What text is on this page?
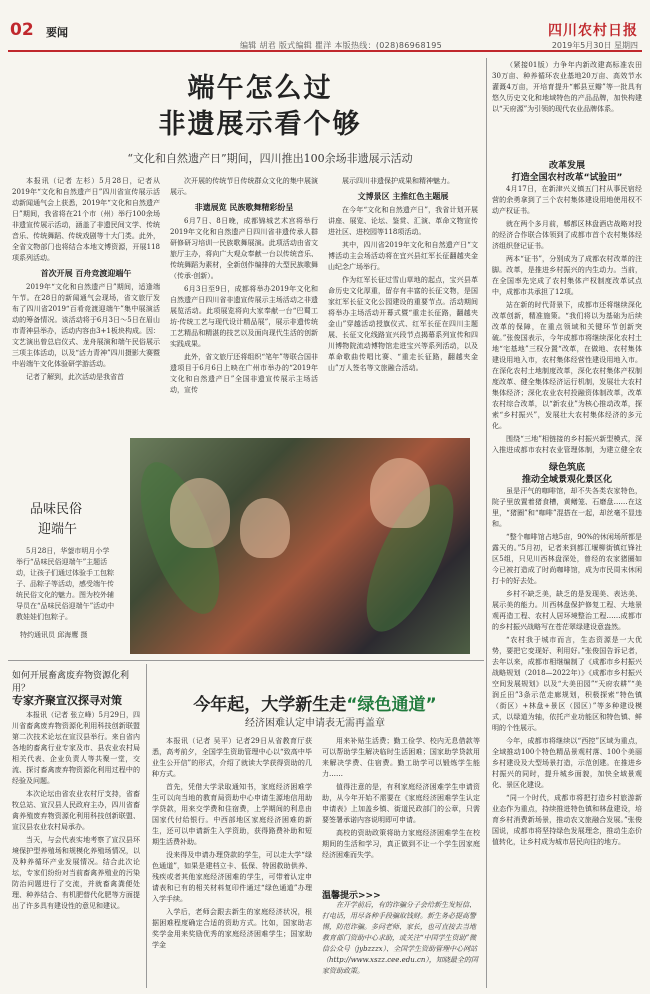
02 要闻
编辑 胡君 版式编辑 瞿洋 本版热线：(028)86968195
四川农村日报
2019年5月30日 星期四
端午怎么过
非遗展示看个够
“文化和自然遗产日”期间，四川推出100余场非遗展示活动

本报讯（记者 左杉）5月28日，记者从2019年“文化和自然遗产日”四川省宣传展示活动新闻通气会上获悉，2019年“文化和自然遗产日”期间，我省将在21个市（州）举行100余场非遗宣传展示活动，涵盖了非遗民间文学、传统音乐、传统舞蹈、传统戏剧等十大门类。此外，全省文物部门也将结合本地文博资源，开展118项系列活动。

首次开展 百舟竞渡迎端午

2019年“文化和自然遗产日”期间，适逢端午节。在28日的新闻通气会现场，省文旅厅发布了四川省2019“百肴竞渡迎端午”集中展演活动的筹备情况。该活动将于6月3日～5日在眉山市青神县举办，活动内容由3+1板块构成。因：文艺演出曾总启仪式、龙舟展演和端午民俗展示三项主体活动，以及“活力青神”四川摄影大赛暨中岩端午文化体验研学游活动。

记者了解到，此次活动是我省首

次开展的传统节日传统群众文化的集中展演展示。

非遗展览 民族歌舞精彩纷呈

6月7日、8日晚，成都锦城艺术宫将举行2019年文化和自然遗产日四川省非遗传承人群研修研习培训一民族歌舞展演。此项活动由省文旅厅主办，将向广大观众奉献一台以传统音乐、传统舞蹈为素材，全新创作编排的大型民族歌舞（传承·创新）。

6月3日至9日，成都将举办2019年文化和自然遗产日四川省非遗宣传展示主场活动之非遗展览活动。此项展览将向大家奉献一台“巴蜀工坊·传统工艺与现代设计精品展”，展示非遗传统工艺精品和精湛的技艺以及面向现代生活的创新实践成果。

此外，省文旅厅还将组织“笔年”等联合国非遗项目于6月6日上映在广州市举办的“2019年文化和自然遗产日”全国非遗宣传展示主场活动，宣传

展示四川非遗保护成果和精神魅力。

文博景区 主推红色主题展

在今年“文化和自然遗产日”，我省计划开展讲座、展览、论坛、鉴赏、汇演、革命文物宣传进社区、进校园等118项活动。

其中，四川省2019年文化和自然遗产日“文博活动主会场活动将在宜兴县红军长征翻越夹金山纪念广场举行。

作为红军长征过雪山草地的起点，宝兴县革命历史文化厚重，留存有丰富的长征文物，是国家红军长征文化公园建设的重要节点。活动期间将举办主场活动开幕式暨“重走长征路，翻越夹金山”穿越活动授旗仪式、红军长征在四川主题展、长征文化线路宣兴段节点揭幕系列宣传和四川博物院流动博物馆走进宝兴等系列活动，以及革命歌曲传唱比赛、“重走长征路，翻越夹金山”万人签名等文旅融合活动。

品味民俗
迎端午
5月28日，华蓥市明月小学举行“品味民俗迎端午”主题活动，让孩子们通过体验手工包粽子、品粽子等活动，感受端午传统民俗文化的魅力。图为校外辅导员在“品味民俗迎端午”活动中教娃娃们包粽子。
特约通讯员 邱海鹰 摄

（紧接01版）力争年内新改建高标准农田30万亩、种养循环农业基地20万亩、高效节水灌溉4万亩，开培育提升“郫县豆瓣”等一批具有悠久历史文化和地域特色的产品品牌，加快构建以“天府源”为引领的现代农业品牌体系。

改革发展
打造全国农村改革“试验田”

4月17日，在新津兴义镇五门村从事民宿经营的余勇拿到了三个农村集体建设用地使用权不动产权证书。

就在两个多月前，郫都区林盘酒店战略对投的经济合作联合体领到了成都市首个农村集体经济组织登记证书。

两本“证书”，分别成为了成都农村改革的注脚。改革，是推进乡村振兴的内生动力。当前，在全国率先完成了农村集体产权制度改革试点中，成都市共承担了12项。

站在新的时代背景下，成都市还将继续深化改革创新，精准施策。“我们将以为基础为后续改革的保障，在重点领域和关键环节创新突破。”张俊国表示，今年成都市将继续深化农村土地“宅基地”三权分置“改革，在做地、农村集体建设用地入市，农村集体经营性建设用地入市。在深化农村土地制度改革，深化农村集体产权制度改革、健全集体经济运行机制，发展壮大农村集体经济；深化农业农村投融资体制改革，改革农村综合改革，以“新农业”为核心推动改革，探索“乡村振兴”，发展壮大农村集体经济的多元化。

围绕“三地”相链接的乡村振兴新型模式，深入推进成都市农村农业管理体制，为建立健全农

绿色筑底
推动全域景观化景区化

虽是汗气的咖啡馆，却不失各类农家特色，院子里放置着猪食槽，黄鳝笼、石磨盘……在这里，“猪圈”和“咖啡”混搭在一起，却丝毫不显违和。

“整个咖啡馆占地5亩，90%的休闲场所都是露天的。”5月初，记者来到都江堰柳街镇红锋社区5组，只见川西林盘深处，曾经的农家猪圈如今已被打造成了时尚咖啡馆，成为市民周末休闲打卡的好去处。

乡村不缺乏美，缺乏的是发现美、表达美、展示美的能力。川西林盘保护修复工程、大地景观再造工程、农村人居环境整治工程……成都市的乡村振兴战略写在苍茫翠绿建设意盎然。

“农村我于城市而言，生态资源是一大优势，要把它变现好、利用好。”张俊国告诉记者，去年以来，成都市相继编制了《成都市乡村振兴战略规划（2018—2022年）》《成都市乡村振兴空间发展规划》以及“大美田园”“天府农耕”“美润丘田”3条示范走廊规划，积极探索“特色镇（街区）+林盘+景区（园区）”等多种建设模式，以绿道为轴，依托产业功能区和特色镇、鲜明的个性展示。

今年，成都市将继续以“西控”区域为重点，全域推动100个特色精品景观村落、100个美丽乡村建设及大型场景打造，示范创建。在推进乡村振兴的同时，提升城乡面貌，加快全域景观化、景区化建设。

“同一个时代，成都市将把打造乡村旅游新业态作为重点，持续推进特色镇和林盘建设，培育乡村消费新场景，推动农文旅融合发展。”张俊国说，成都市将坚持绿色发展理念，推动生态价值转化，让乡村成为城市居民向往的地方。

如何开展畜禽废弃物资源化利用？
专家齐聚宣汉探寻对策

本报讯（记者 张立峰）5月29日，四川省畜禽废弃物资源化利用科技创新联盟第二次技术论坛在宣汉县举行。来自省内各地的畜禽行业专家及市、县农业农村局相关代表、企业负责人等共聚一堂，交流、探讨畜禽废弃物资源化利用过程中的经验及问题。

本次论坛由省农业农村厅支持，省畜牧总站、宣汉县人民政府主办，四川省畜禽养殖废弃物资源化利用科技创新联盟、宣汉县农业农村局承办。

当天，与会代表实地考察了宣汉县环境保护型养殖场和规模化养殖场情况，以及种养循环产业发展情况。结合此次论坛，专家们纷纷对当前畜禽养殖业的污染防治问题进行了交流，并就畜禽粪便处理、种养结合、有机肥替代化肥等方面提出了许多具有建设性的意见和建议。

今年起，大学新生走“绿色通道”
经济困难认定申请表无需再盖章

本报讯（记者 吴平）记者29日从省教育厅获悉，高考前夕，全国学生资助管理中心以“致高中毕业生公开信”的形式，介绍了就读大学获得资助的几种方式。

首先，凭借大学录取通知书，家庭经济困难学生可以向当地的教育局资助中心申请生源地信用助学贷款，用来交学费和住宿费，上学期间的利息由国家代付给银行。中西部地区家庭经济困难的新生，还可以申请新生入学资助，获得路费补助和短期生活费补助。

没来得及申请办理贷款的学生，可以走大学“绿色通道”，如果是建档立卡、低保、特困救助供养、残疾或者其他家庭经济困难的学生，可带着认定申请表和已有的相关材料复印件通过“绿色通道”办理入学手续。

入学后，老师会跟去新生的家庭经济状况，根据困难程度确定合适的资助方式。比如，国家助志奖学金用来奖励优秀的家庭经济困难学生；国家助学金

用来补贴生活费；勤工俭学、校内无息借款等可以帮助学生解决临时生活困难；国家助学贷款用来解决学费、住宿费。勤工助学可以锻炼学生能力……

值得注意的是，有利家庭经济困难学生申请资助，从今年开始不需要在《家庭经济困难学生认定申请表》上加盖乡镇、街道民政部门的公章，只需要签署承诺内容说明即可申请。

高校的资助政策将助力家庭经济困难学生在校期间的生活和学习，真正做到不让一个学生因家庭经济困难而失学。

温馨提示>>>
在开学前后，有的诈骗分子会给新生发短信、打电话，用尽各种手段骗取钱财。新生务必提高警惕，防范诈骗。多问老师、家长，也可直接去当地教育部门资助中心求助，或关注“中国学生资助”微信公众号（jybzzzx）、全国学生资助管理中心网站（http://www.xszz.cee.edu.cn），知晓最全的国家资助政策。
